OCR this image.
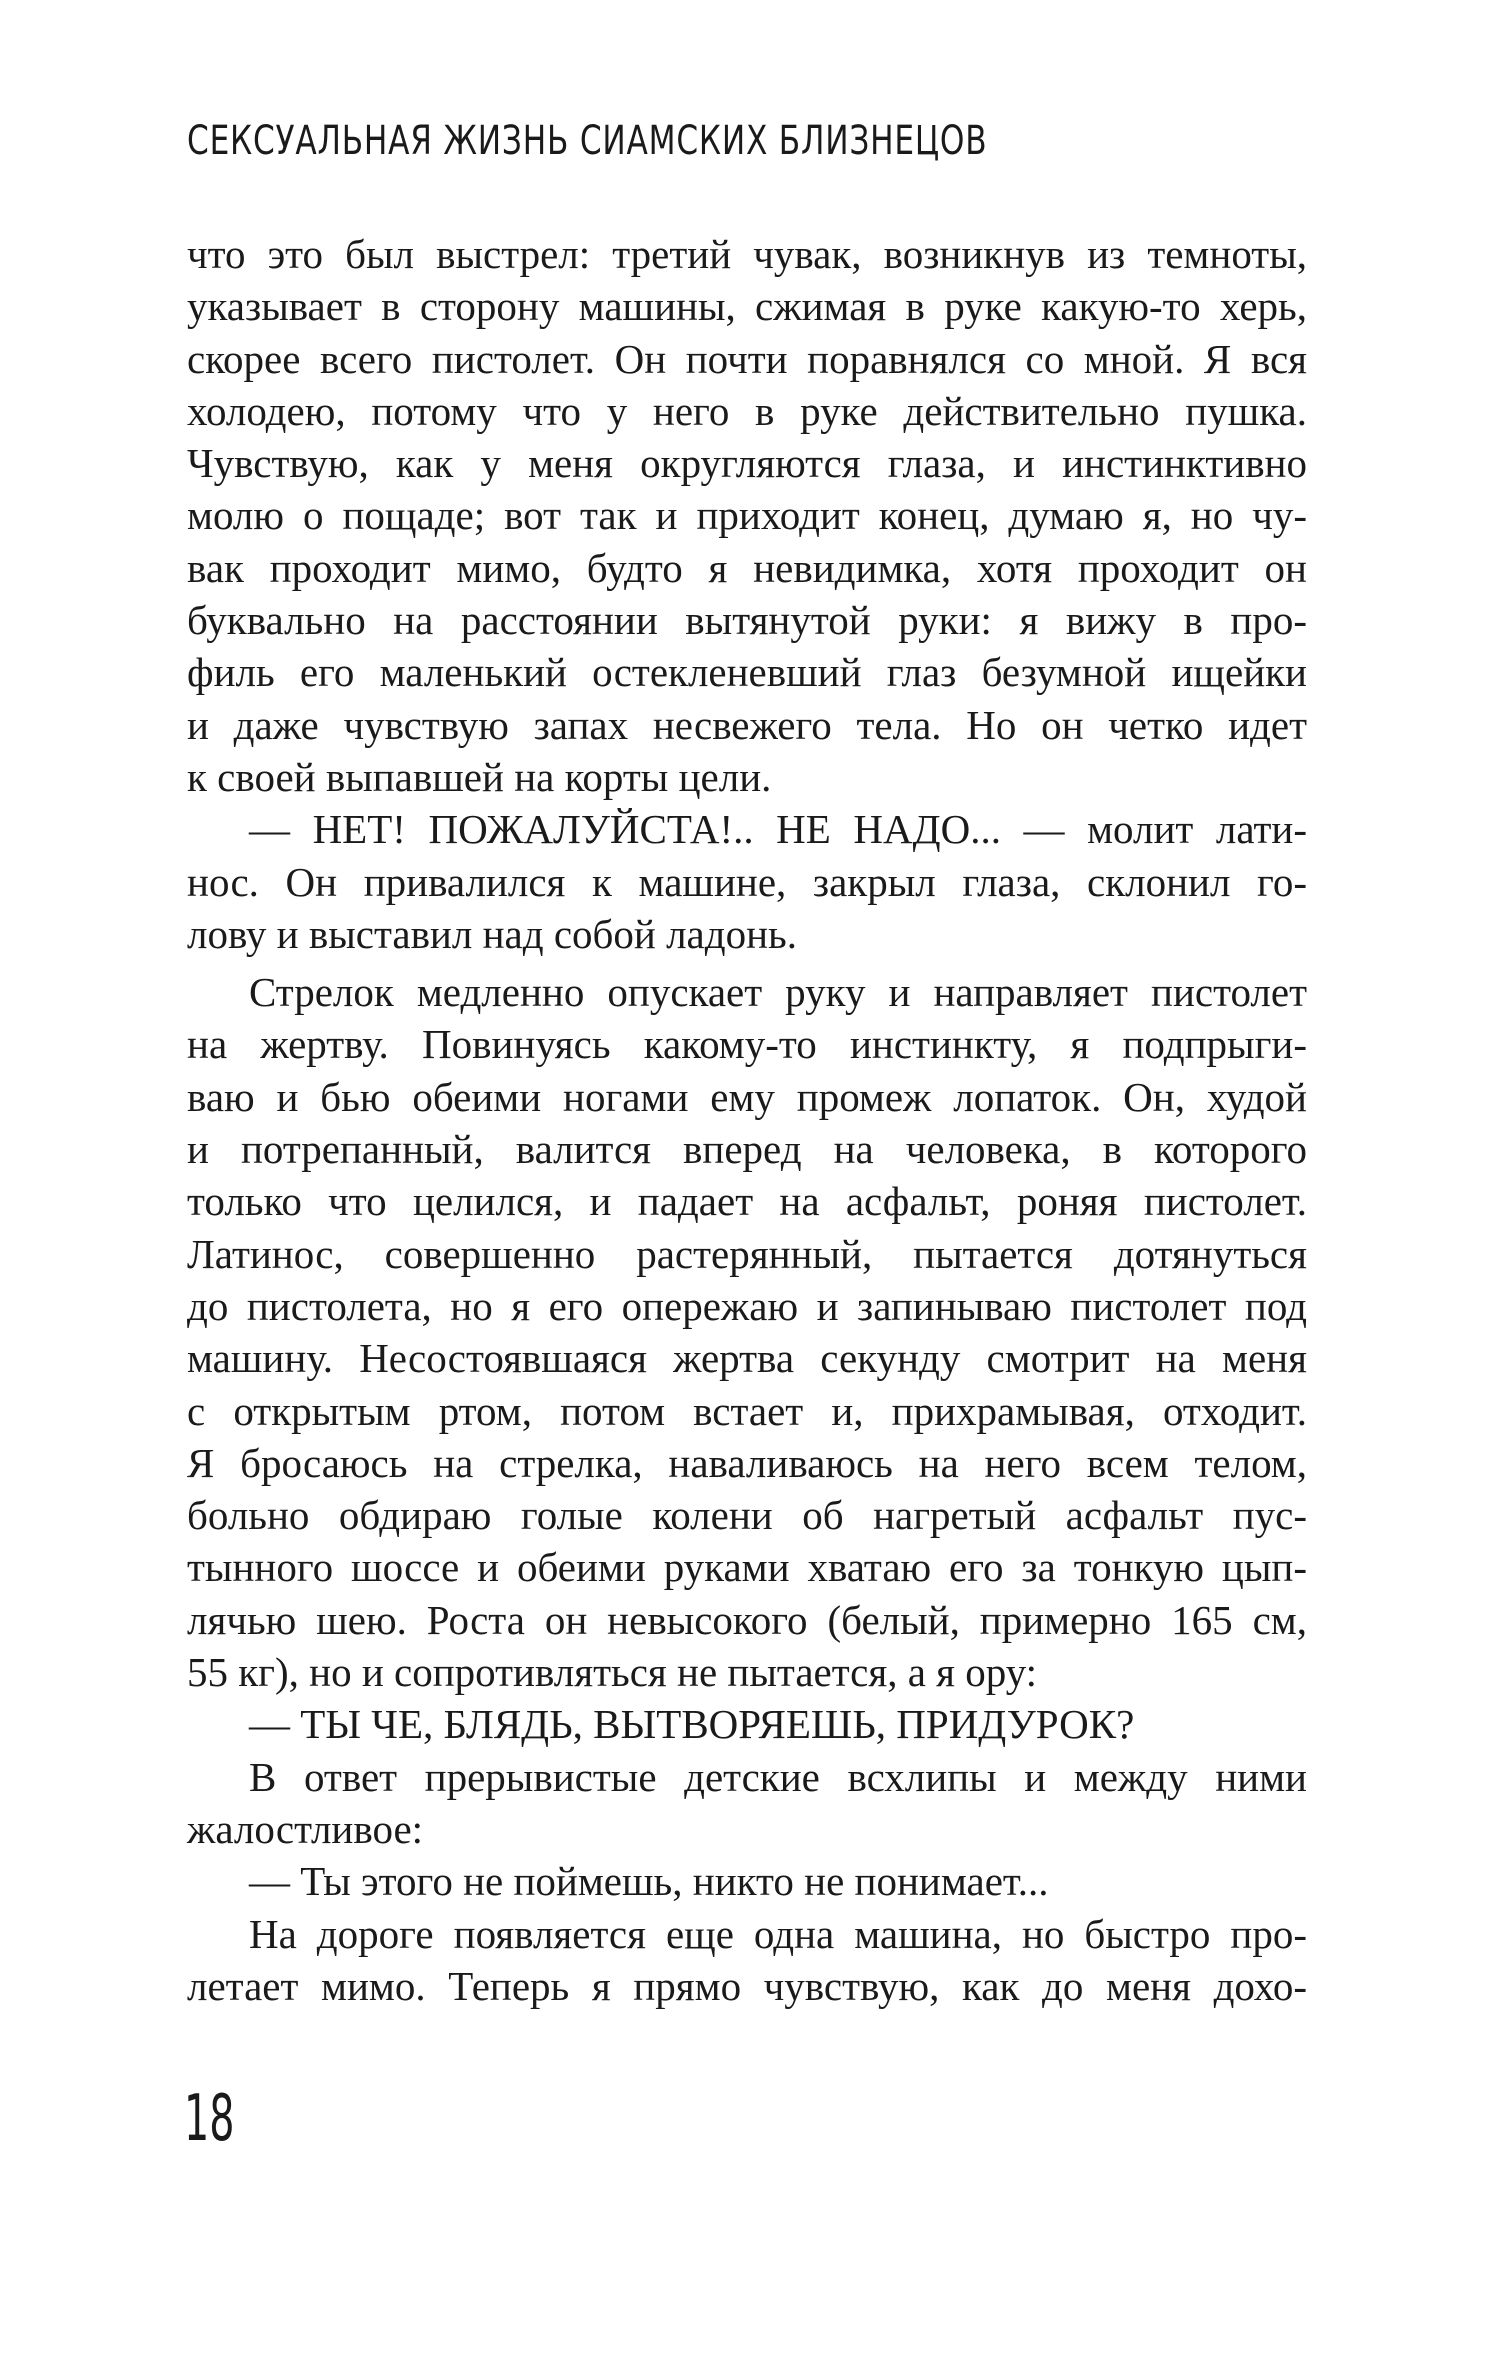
СЕКСУАЛЬНАЯ ЖИЗНЬ СИАМСКИХ БЛИЗНЕЦОВ
что это был выстрел: третий чувак, возникнув из темноты,
указывает в сторону машины, сжимая в руке какую-то херь,
скорее всего пистолет. Он почти поравнялся со мной. Я вся
холодею, потому что у него в руке действительно пушка.
Чувствую, как у меня округляются глаза, и инстинктивно
молю о пощаде; вот так и приходит конец, думаю я, но чу-
вак проходит мимо, будто я невидимка, хотя проходит он
буквально на расстоянии вытянутой руки: я вижу в про-
филь его маленький остекленевший глаз безумной ищейки
и даже чувствую запах несвежего тела. Но он четко идет
к своей выпавшей на корты цели.
— НЕТ! ПОЖАЛУЙСТА!.. НЕ НАДО... — молит лати-
нос. Он привалился к машине, закрыл глаза, склонил го-
лову и выставил над собой ладонь.
Стрелок медленно опускает руку и направляет пистолет
на жертву. Повинуясь какому-то инстинкту, я подпрыги-
ваю и бью обеими ногами ему промеж лопаток. Он, худой
и потрепанный, валится вперед на человека, в которого
только что целился, и падает на асфальт, роняя пистолет.
Латинос, совершенно растерянный, пытается дотянуться
до пистолета, но я его опережаю и запинываю пистолет под
машину. Несостоявшаяся жертва секунду смотрит на меня
с открытым ртом, потом встает и, прихрамывая, отходит.
Я бросаюсь на стрелка, наваливаюсь на него всем телом,
больно обдираю голые колени об нагретый асфальт пус-
тынного шоссе и обеими руками хватаю его за тонкую цып-
лячью шею. Роста он невысокого (белый, примерно 165 см,
55 кг), но и сопротивляться не пытается, а я ору:
— ТЫ ЧЕ, БЛЯДЬ, ВЫТВОРЯЕШЬ, ПРИДУРОК?
В ответ прерывистые детские всхлипы и между ними
жалостливое:
— Ты этого не поймешь, никто не понимает...
На дороге появляется еще одна машина, но быстро про-
летает мимо. Теперь я прямо чувствую, как до меня дохо-
18
